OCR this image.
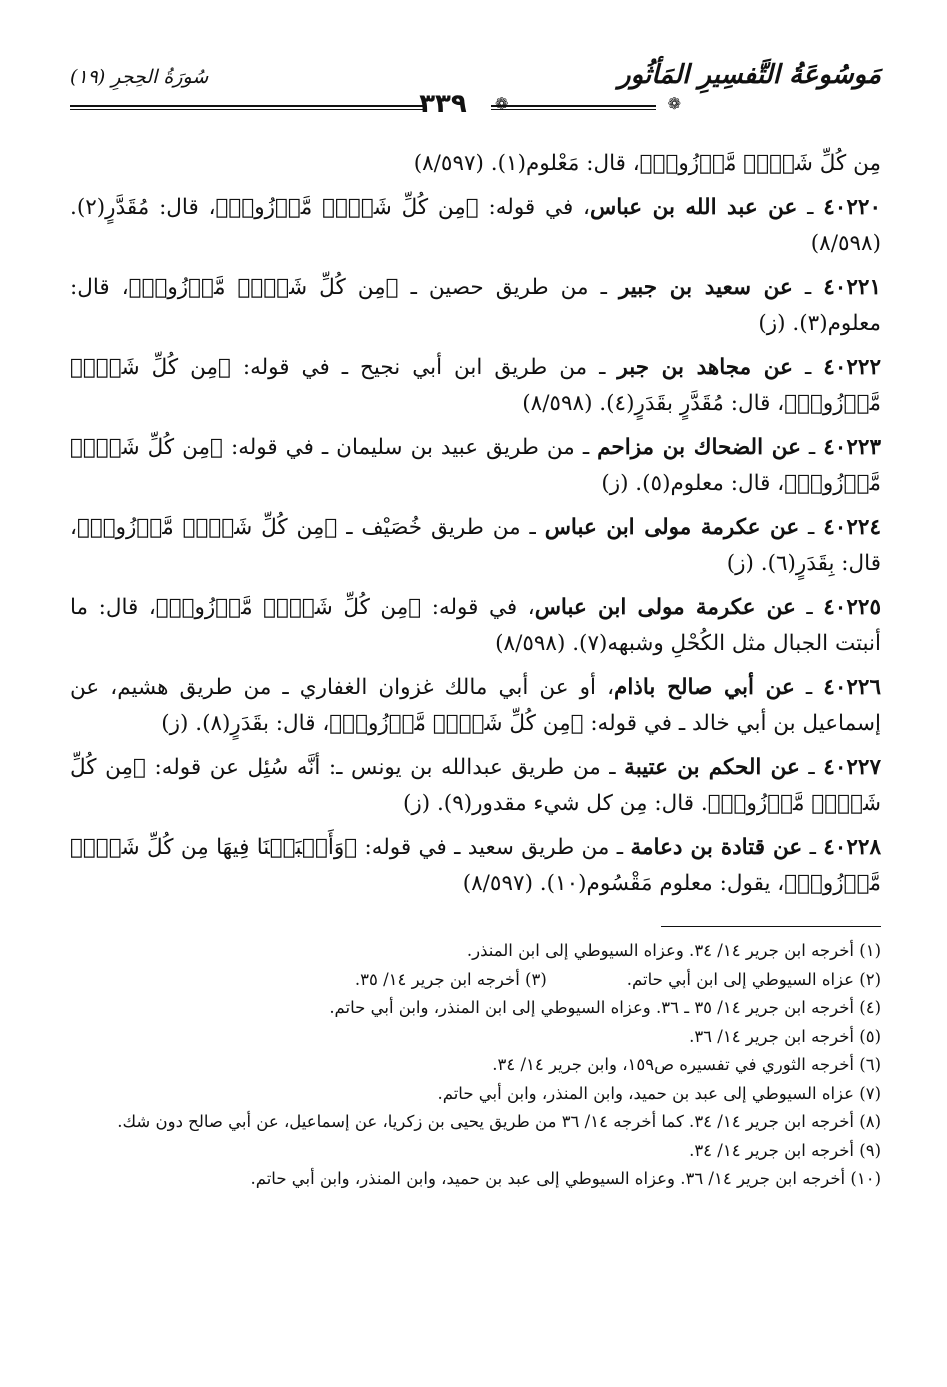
مَوسُوعَةُ التَّفسِيرِ المَأثُور
سُورَةُ الحِجرِ (١٩)
❁
❁
٣٣٩

مِن كُلِّ شَىۡءٖ مَّوۡزُونٖ﴾، قال: مَعْلوم(١). (٨/٥٩٧)

٤٠٢٢٠ ـ عن عبد الله بن عباس، في قوله: ﴿مِن كُلِّ شَىۡءٖ مَّوۡزُونٖ﴾، قال: مُقَدَّرٍ(٢). (٨/٥٩٨)

٤٠٢٢١ ـ عن سعيد بن جبير ـ من طريق حصين ـ ﴿مِن كُلِّ شَىۡءٖ مَّوۡزُونٖ﴾، قال: معلوم(٣). (ز)

٤٠٢٢٢ ـ عن مجاهد بن جبر ـ من طريق ابن أبي نجيح ـ في قوله: ﴿مِن كُلِّ شَىۡءٖ مَّوۡزُونٖ﴾، قال: مُقَدَّرٍ بقَدَرٍ(٤). (٨/٥٩٨)

٤٠٢٢٣ ـ عن الضحاك بن مزاحم ـ من طريق عبيد بن سليمان ـ في قوله: ﴿مِن كُلِّ شَىۡءٖ مَّوۡزُونٖ﴾، قال: معلوم(٥). (ز)

٤٠٢٢٤ ـ عن عكرمة مولى ابن عباس ـ من طريق خُصَيْف ـ ﴿مِن كُلِّ شَىۡءٖ مَّوۡزُونٖ﴾، قال: بِقَدَرٍ(٦). (ز)

٤٠٢٢٥ ـ عن عكرمة مولى ابن عباس، في قوله: ﴿مِن كُلِّ شَىۡءٖ مَّوۡزُونٖ﴾، قال: ما أنبتت الجبال مثل الكُحْلِ وشبهه(٧). (٨/٥٩٨)

٤٠٢٢٦ ـ عن أبي صالح باذام، أو عن أبي مالك غزوان الغفاري ـ من طريق هشيم، عن إسماعيل بن أبي خالد ـ في قوله: ﴿مِن كُلِّ شَىۡءٖ مَّوۡزُونٖ﴾، قال: بقَدَرٍ(٨). (ز)

٤٠٢٢٧ ـ عن الحكم بن عتيبة ـ من طريق عبدالله بن يونس ـ: أنَّه سُئِل عن قوله: ﴿مِن كُلِّ شَىۡءٖ مَّوۡزُونٖ﴾. قال: مِن كل شيء مقدور(٩). (ز)

٤٠٢٢٨ ـ عن قتادة بن دعامة ـ من طريق سعيد ـ في قوله: ﴿وَأَنۢبَتۡنَا فِيهَا مِن كُلِّ شَىۡءٖ مَّوۡزُونٖ﴾، يقول: معلوم مَقْسُوم(١٠). (٨/٥٩٧)

(١) أخرجه ابن جرير ١٤/ ٣٤. وعزاه السيوطي إلى ابن المنذر.

(٢) عزاه السيوطي إلى ابن أبي حاتم.

(٣) أخرجه ابن جرير ١٤/ ٣٥.

(٤) أخرجه ابن جرير ١٤/ ٣٥ ـ ٣٦. وعزاه السيوطي إلى ابن المنذر، وابن أبي حاتم.

(٥) أخرجه ابن جرير ١٤/ ٣٦.

(٦) أخرجه الثوري في تفسيره ص١٥٩، وابن جرير ١٤/ ٣٤.

(٧) عزاه السيوطي إلى عبد بن حميد، وابن المنذر، وابن أبي حاتم.

(٨) أخرجه ابن جرير ١٤/ ٣٤. كما أخرجه ١٤/ ٣٦ من طريق يحيى بن زكريا، عن إسماعيل، عن أبي صالح دون شك.

(٩) أخرجه ابن جرير ١٤/ ٣٤.

(١٠) أخرجه ابن جرير ١٤/ ٣٦. وعزاه السيوطي إلى عبد بن حميد، وابن المنذر، وابن أبي حاتم.
